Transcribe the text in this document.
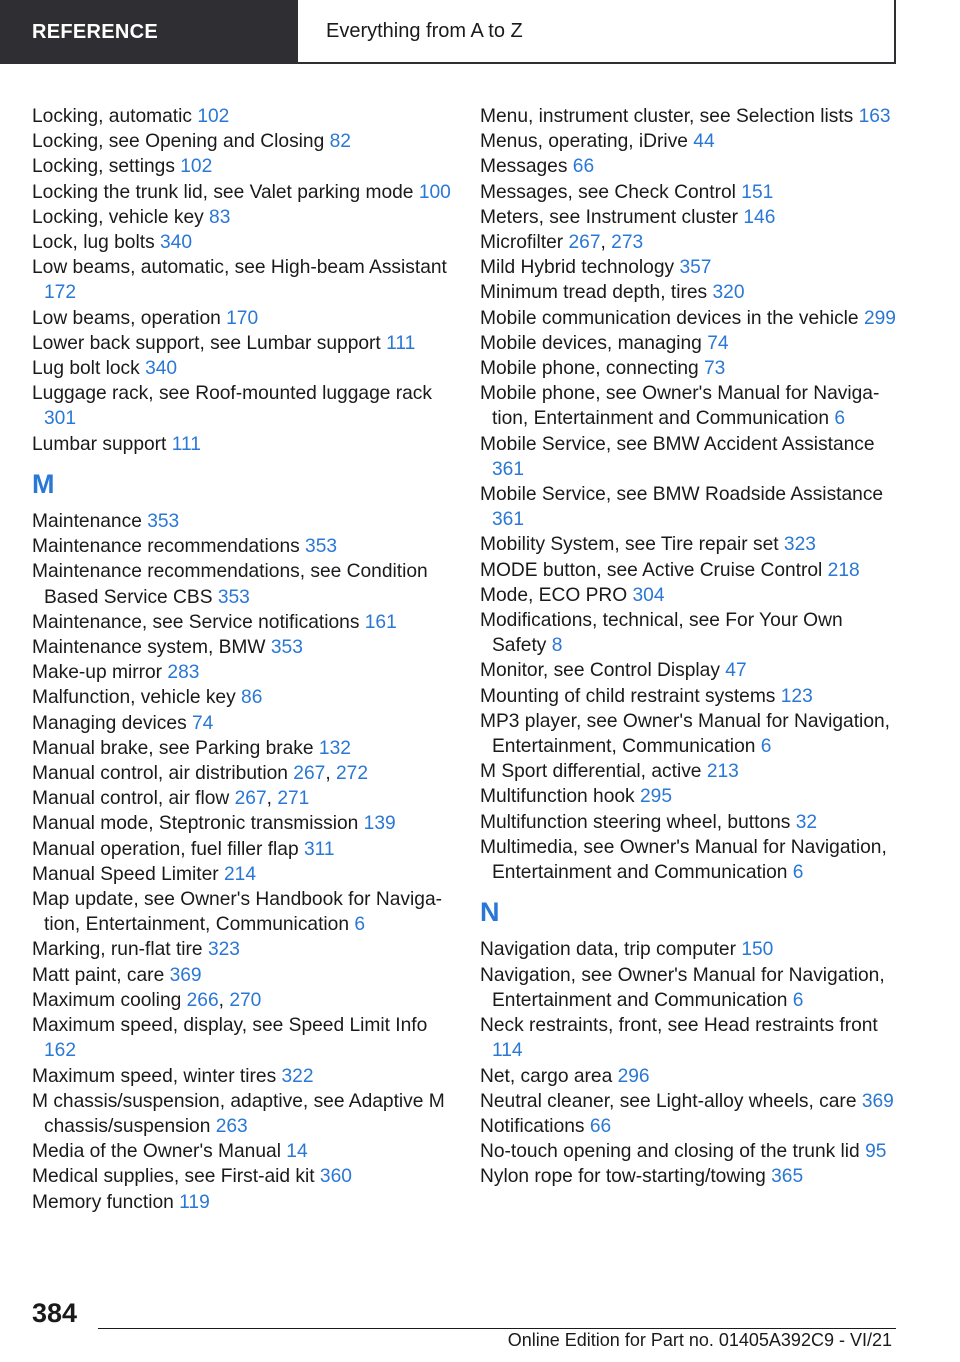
REFERENCE	Everything from A to Z
Locking, automatic 102
Locking, see Opening and Closing 82
Locking, settings 102
Locking the trunk lid, see Valet parking mode 100
Locking, vehicle key 83
Lock, lug bolts 340
Low beams, automatic, see High-beam Assistant 172
Low beams, operation 170
Lower back support, see Lumbar support 111
Lug bolt lock 340
Luggage rack, see Roof-mounted luggage rack 301
Lumbar support 111
M
Maintenance 353
Maintenance recommendations 353
Maintenance recommendations, see Condition Based Service CBS 353
Maintenance, see Service notifications 161
Maintenance system, BMW 353
Make-up mirror 283
Malfunction, vehicle key 86
Managing devices 74
Manual brake, see Parking brake 132
Manual control, air distribution 267, 272
Manual control, air flow 267, 271
Manual mode, Steptronic transmission 139
Manual operation, fuel filler flap 311
Manual Speed Limiter 214
Map update, see Owner's Handbook for Navigation, Entertainment, Communication 6
Marking, run-flat tire 323
Matt paint, care 369
Maximum cooling 266, 270
Maximum speed, display, see Speed Limit Info 162
Maximum speed, winter tires 322
M chassis/suspension, adaptive, see Adaptive M chassis/suspension 263
Media of the Owner's Manual 14
Medical supplies, see First-aid kit 360
Memory function 119
Menu, instrument cluster, see Selection lists 163
Menus, operating, iDrive 44
Messages 66
Messages, see Check Control 151
Meters, see Instrument cluster 146
Microfilter 267, 273
Mild Hybrid technology 357
Minimum tread depth, tires 320
Mobile communication devices in the vehicle 299
Mobile devices, managing 74
Mobile phone, connecting 73
Mobile phone, see Owner's Manual for Navigation, Entertainment and Communication 6
Mobile Service, see BMW Accident Assistance 361
Mobile Service, see BMW Roadside Assistance 361
Mobility System, see Tire repair set 323
MODE button, see Active Cruise Control 218
Mode, ECO PRO 304
Modifications, technical, see For Your Own Safety 8
Monitor, see Control Display 47
Mounting of child restraint systems 123
MP3 player, see Owner's Manual for Navigation, Entertainment, Communication 6
M Sport differential, active 213
Multifunction hook 295
Multifunction steering wheel, buttons 32
Multimedia, see Owner's Manual for Navigation, Entertainment and Communication 6
N
Navigation data, trip computer 150
Navigation, see Owner's Manual for Navigation, Entertainment and Communication 6
Neck restraints, front, see Head restraints front 114
Net, cargo area 296
Neutral cleaner, see Light-alloy wheels, care 369
Notifications 66
No-touch opening and closing of the trunk lid 95
Nylon rope for tow-starting/towing 365
384
Online Edition for Part no. 01405A392C9 - VI/21
